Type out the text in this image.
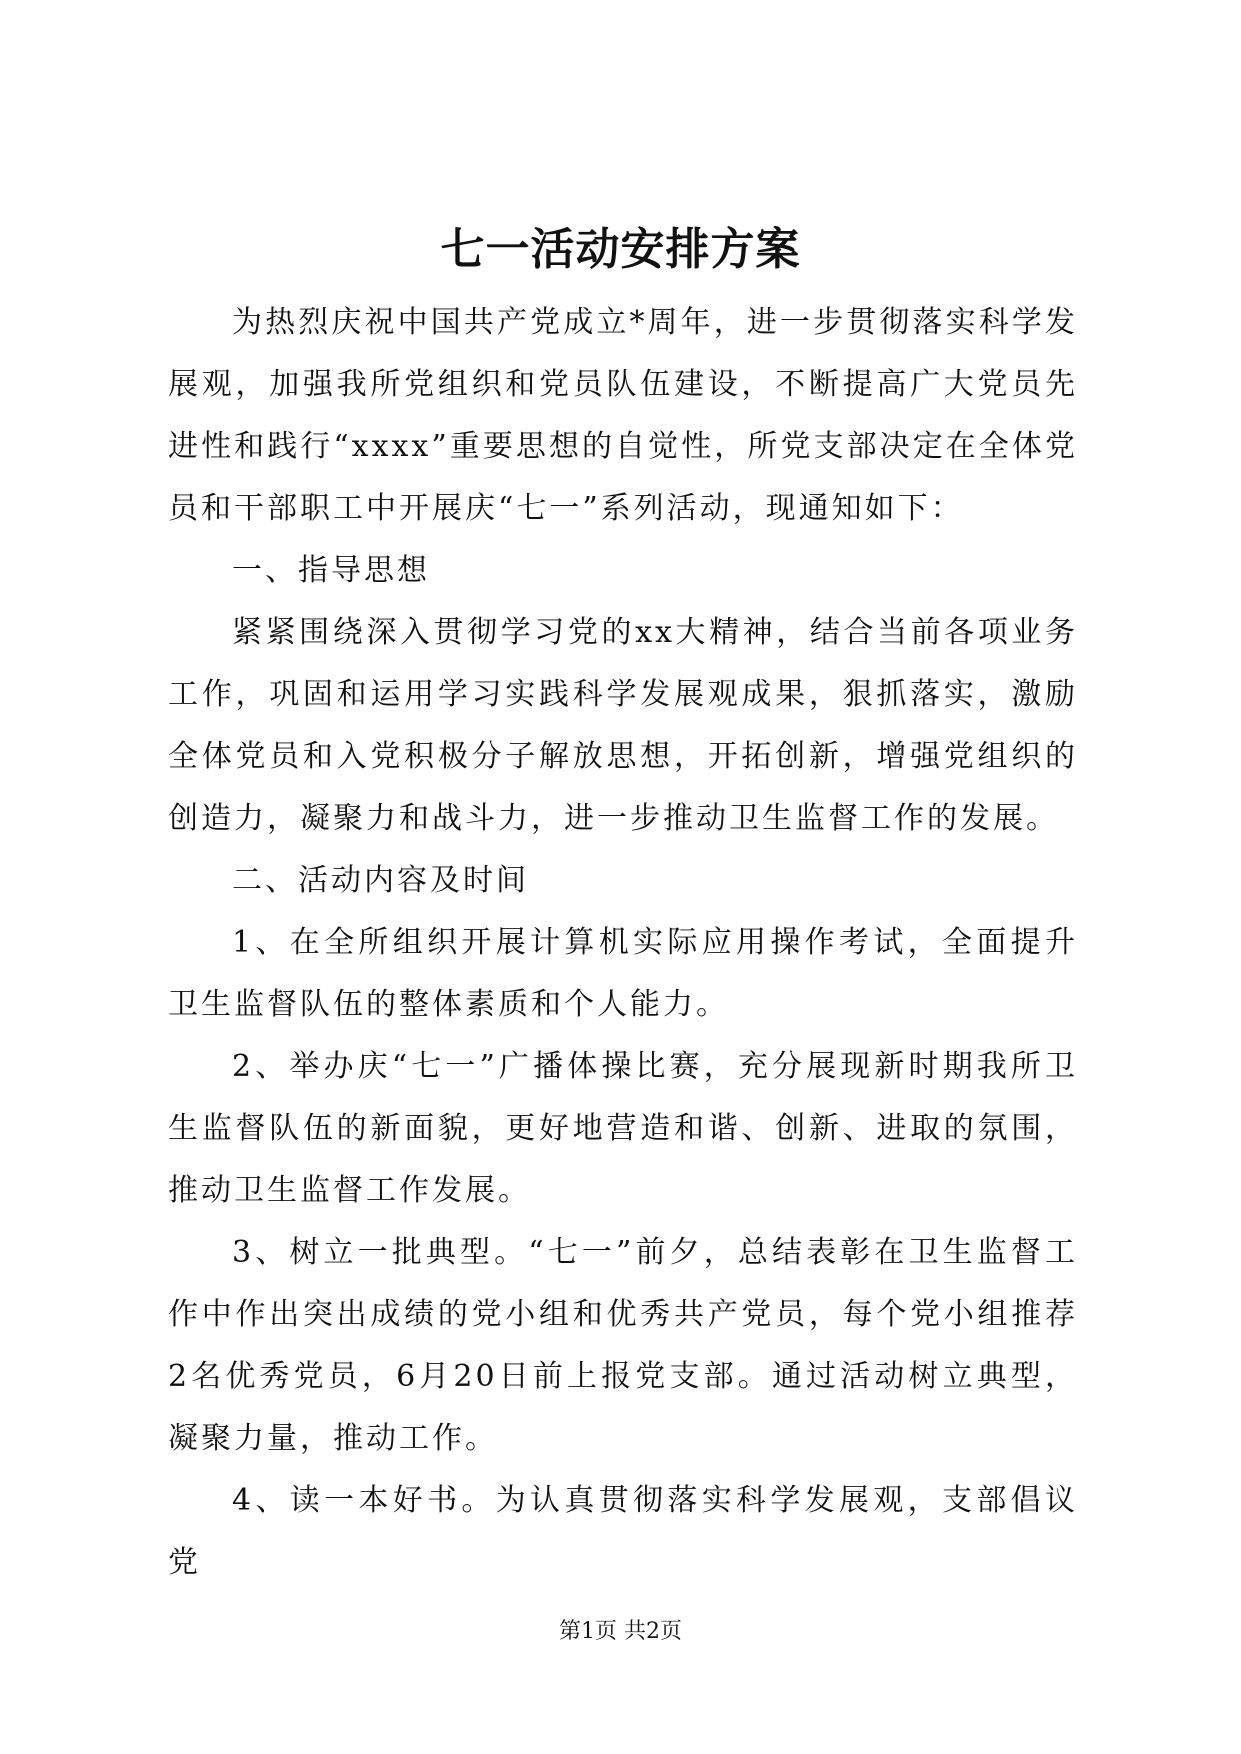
七一活动安排方案

为热烈庆祝中国共产党成立*周年，进一步贯彻落实科学发展观，加强我所党组织和党员队伍建设，不断提高广大党员先进性和践行“xxxx”重要思想的自觉性，所党支部决定在全体党员和干部职工中开展庆“七一”系列活动，现通知如下：

一、指导思想

紧紧围绕深入贯彻学习党的xx大精神，结合当前各项业务工作，巩固和运用学习实践科学发展观成果，狠抓落实，激励全体党员和入党积极分子解放思想，开拓创新，增强党组织的创造力，凝聚力和战斗力，进一步推动卫生监督工作的发展。

二、活动内容及时间

1、在全所组织开展计算机实际应用操作考试，全面提升卫生监督队伍的整体素质和个人能力。

2、举办庆“七一”广播体操比赛，充分展现新时期我所卫生监督队伍的新面貌，更好地营造和谐、创新、进取的氛围，推动卫生监督工作发展。

3、树立一批典型。“七一”前夕，总结表彰在卫生监督工作中作出突出成绩的党小组和优秀共产党员，每个党小组推荐2名优秀党员，6月20日前上报党支部。通过活动树立典型，凝聚力量，推动工作。

4、读一本好书。为认真贯彻落实科学发展观，支部倡议党

第1页 共2页
